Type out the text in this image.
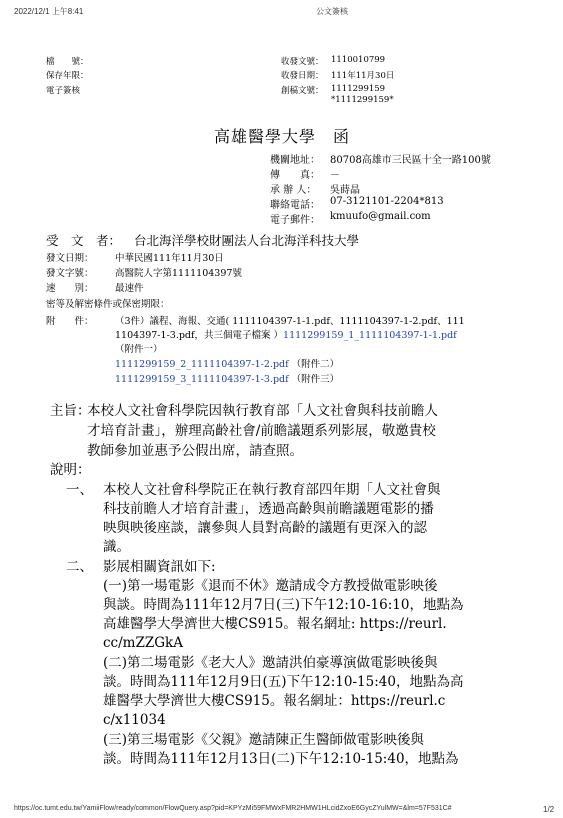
2022/12/1 上午8:41	公文簽核
檔　　號：
保存年限：
電子簽核
收發文號： 1110010799
收發日期： 111年11月30日
創稿文號： 1111299159
*1111299159*
高雄醫學大學　函
機關地址： 80708高雄市三民區十全一路100號
傳　　真： －
承 辦 人： 吳蒔晶
聯絡電話： 07-3121101-2204*813
電子郵件： kmuufo@gmail.com
受　文　者： 台北海洋學校財團法人台北海洋科技大學
發文日期： 中華民國111年11月30日
發文字號： 高醫院人字第1111104397號
速　　別： 最速件
密等及解密條件或保密期限：
附　　件： （3件）議程、海報、交通( 1111104397-1-1.pdf、1111104397-1-2.pdf、111
1104397-1-3.pdf，共三個電子檔案 ）1111299159_1_1111104397-1-1.pdf
（附件一）
1111299159_2_1111104397-1-2.pdf （附件二）
1111299159_3_1111104397-1-3.pdf （附件三）
主旨：
本校人文社會科學院因執行教育部「人文社會與科技前瞻人
才培育計畫」，辦理高齡社會/前瞻議題系列影展，敬邀貴校
教師參加並惠予公假出席，請查照。
說明：
一、 本校人文社會科學院正在執行教育部四年期「人文社會與
科技前瞻人才培育計畫」，透過高齡與前瞻議題電影的播
映與映後座談，讓參與人員對高齡的議題有更深入的認
識。
二、 影展相關資訊如下:
(一)第一場電影《退而不休》邀請成令方教授做電影映後
與談。時間為111年12月7日(三)下午12:10-16:10，地點為
高雄醫學大學濟世大樓CS915。報名網址: https://reurl.
cc/mZZGkA
(二)第二場電影《老大人》邀請洪伯豪導演做電影映後與
談。時間為111年12月9日(五)下午12:10-15:40，地點為高
雄醫學大學濟世大樓CS915。報名網址：https://reurl.c
c/x11034
(三)第三場電影《父親》邀請陳正生醫師做電影映後與
談。時間為111年12月13日(二)下午12:10-15:40，地點為
https://oc.tumt.edu.tw/YamiiFlow/ready/common/FlowQuery.asp?pid=KPYzMi59FMWxFMR2HMW1HLcidZxoE6GycZYulMW=&lm=57F531C#	1/2
